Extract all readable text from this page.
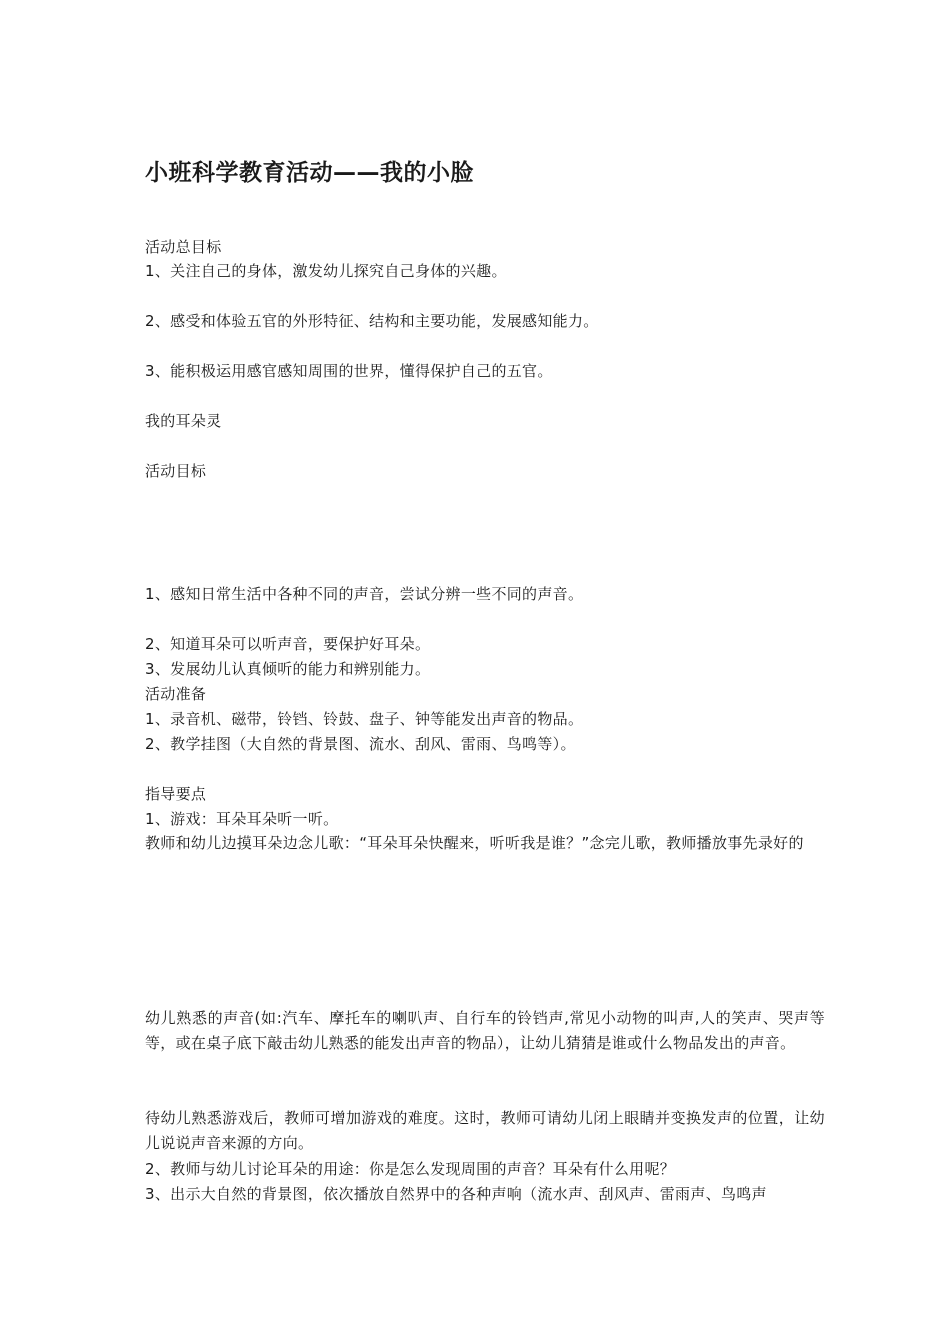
小班科学教育活动——我的小脸
活动总目标
1、关注自己的身体，激发幼儿探究自己身体的兴趣。
2、感受和体验五官的外形特征、结构和主要功能，发展感知能力。
3、能积极运用感官感知周围的世界，懂得保护自己的五官。
我的耳朵灵
活动目标
1、感知日常生活中各种不同的声音，尝试分辨一些不同的声音。
2、知道耳朵可以听声音，要保护好耳朵。
3、发展幼儿认真倾听的能力和辨别能力。
活动准备
1、录音机、磁带，铃铛、铃鼓、盘子、钟等能发出声音的物品。
2、教学挂图（大自然的背景图、流水、刮风、雷雨、鸟鸣等）。
指导要点
1、游戏：耳朵耳朵听一听。
教师和幼儿边摸耳朵边念儿歌：“耳朵耳朵快醒来，听听我是谁？”念完儿歌，教师播放事先录好的
幼儿熟悉的声音(如:汽车、摩托车的喇叭声、自行车的铃铛声,常见小动物的叫声,人的笑声、哭声等等，或在桌子底下敲击幼儿熟悉的能发出声音的物品），让幼儿猜猜是谁或什么物品发出的声音。
待幼儿熟悉游戏后，教师可增加游戏的难度。这时，教师可请幼儿闭上眼睛并变换发声的位置，让幼儿说说声音来源的方向。
2、教师与幼儿讨论耳朵的用途：你是怎么发现周围的声音？耳朵有什么用呢？
3、出示大自然的背景图，依次播放自然界中的各种声响（流水声、刮风声、雷雨声、鸟鸣声
